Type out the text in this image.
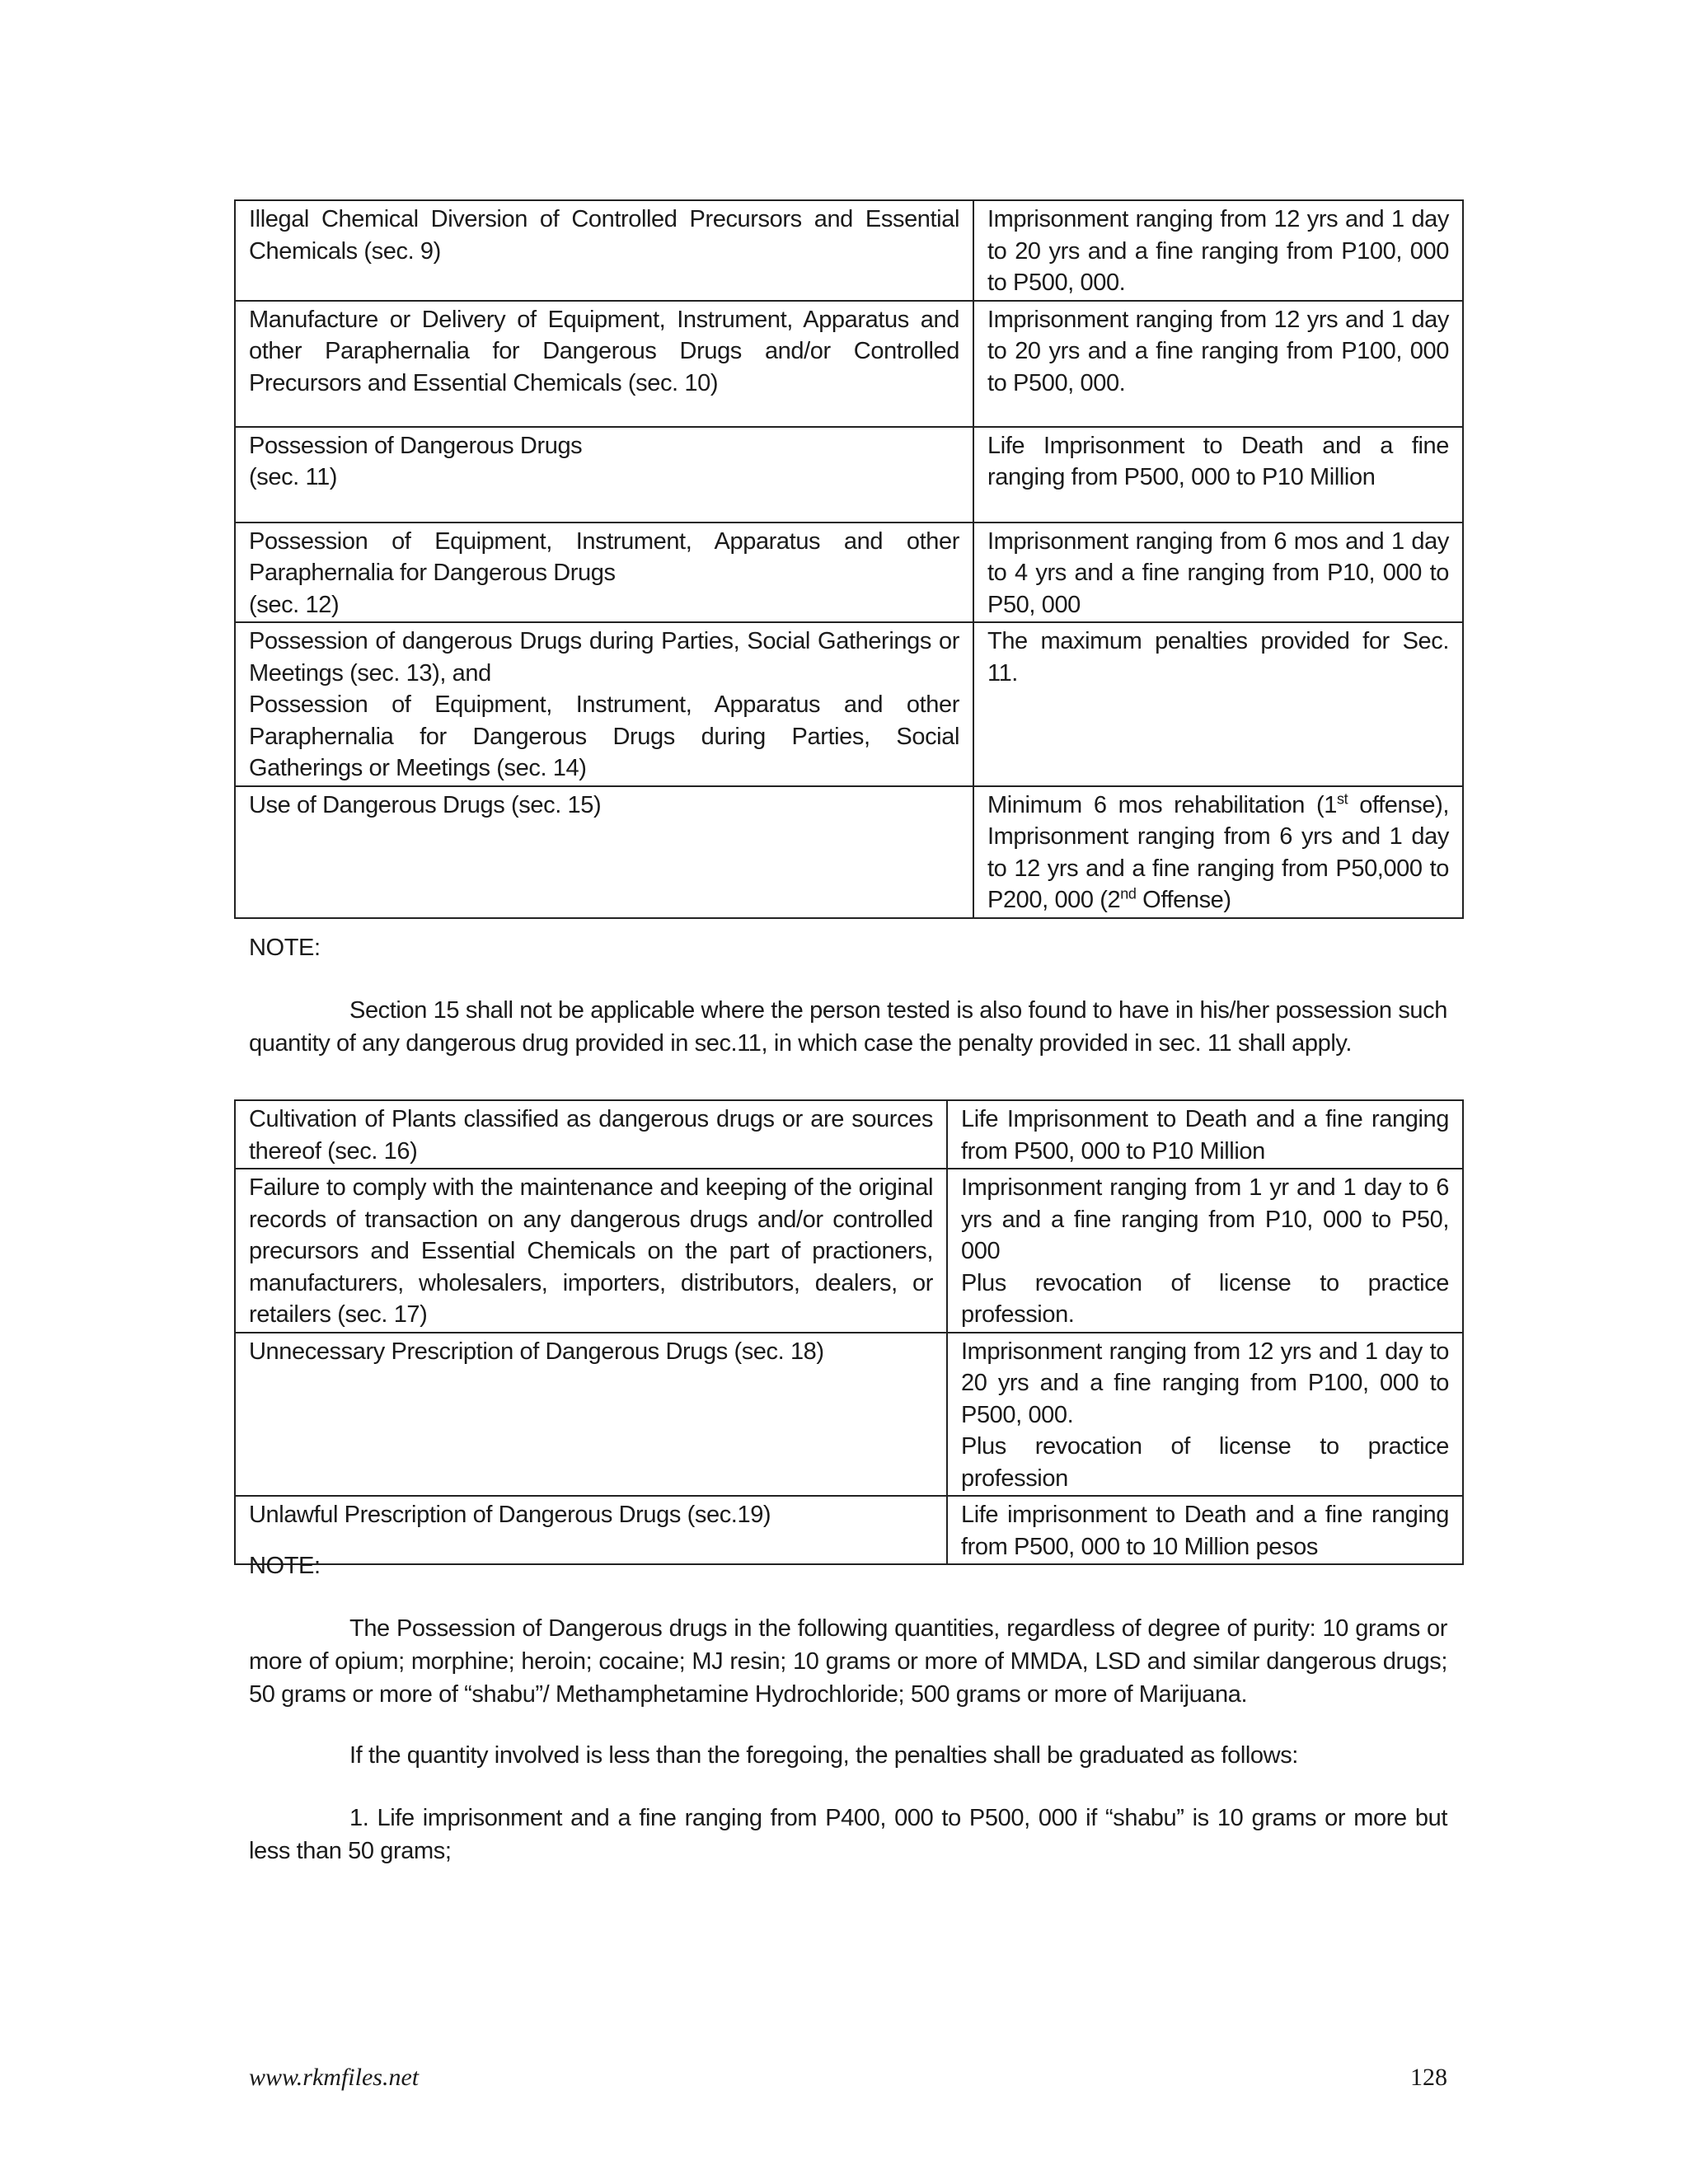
Illegal Chemical Diversion of Controlled Precursors and Essential Chemicals (sec. 9)	Imprisonment ranging from 12 yrs and 1 day to 20 yrs and a fine ranging from P100, 000 to P500, 000.

Manufacture or Delivery of Equipment, Instrument, Apparatus and other Paraphernalia for Dangerous Drugs and/or Controlled Precursors and Essential Chemicals (sec. 10)	Imprisonment ranging from 12 yrs and 1 day to 20 yrs and a fine ranging from P100, 000 to P500, 000.

Possession of Dangerous Drugs
(sec. 11)	Life Imprisonment to Death and a fine ranging from P500, 000 to P10 Million

Possession of Equipment, Instrument, Apparatus and other Paraphernalia for Dangerous Drugs
(sec. 12)	Imprisonment ranging from 6 mos and 1 day to 4 yrs and a fine ranging from P10, 000 to P50, 000

Possession of dangerous Drugs during Parties, Social Gatherings or Meetings (sec. 13), and
Possession of Equipment, Instrument, Apparatus and other Paraphernalia for Dangerous Drugs during Parties, Social Gatherings or Meetings (sec. 14)	The maximum penalties provided for Sec. 11.

Use of Dangerous Drugs (sec. 15)	Minimum 6 mos rehabilitation (1st offense), Imprisonment ranging from 6 yrs and 1 day to 12 yrs and a fine ranging from P50,000 to P200, 000 (2nd Offense)
NOTE:

Section 15 shall not be applicable where the person tested is also found to have in his/her possession such quantity of any dangerous drug provided in sec.11, in which case the penalty provided in sec. 11 shall apply.

Cultivation of Plants classified as dangerous drugs or are sources thereof (sec. 16)	Life Imprisonment to Death and a fine ranging from P500, 000 to P10 Million

Failure to comply with the maintenance and keeping of the original records of transaction on any dangerous drugs and/or controlled precursors and Essential Chemicals on the part of practioners, manufacturers, wholesalers, importers, distributors, dealers, or retailers (sec. 17)	Imprisonment ranging from 1 yr and 1 day to 6 yrs and a fine ranging from P10, 000 to P50, 000
Plus revocation of license to practice profession.

Unnecessary Prescription of Dangerous Drugs (sec. 18)	Imprisonment ranging from 12 yrs and 1 day to 20 yrs and a fine ranging from P100, 000 to P500, 000.
Plus revocation of license to practice profession

Unlawful Prescription of Dangerous Drugs (sec.19)	Life imprisonment to Death and a fine ranging from P500, 000 to 10 Million pesos
NOTE:

The Possession of Dangerous drugs in the following quantities, regardless of degree of purity: 10 grams or more of opium; morphine; heroin; cocaine; MJ resin; 10 grams or more of MMDA, LSD and similar dangerous drugs; 50 grams or more of “shabu”/ Methamphetamine Hydrochloride; 500 grams or more of Marijuana.

If the quantity involved is less than the foregoing, the penalties shall be graduated as follows:

1. Life imprisonment and a fine ranging from P400, 000 to P500, 000 if “shabu” is 10 grams or more but less than 50 grams;

www.rkmfiles.net	128
